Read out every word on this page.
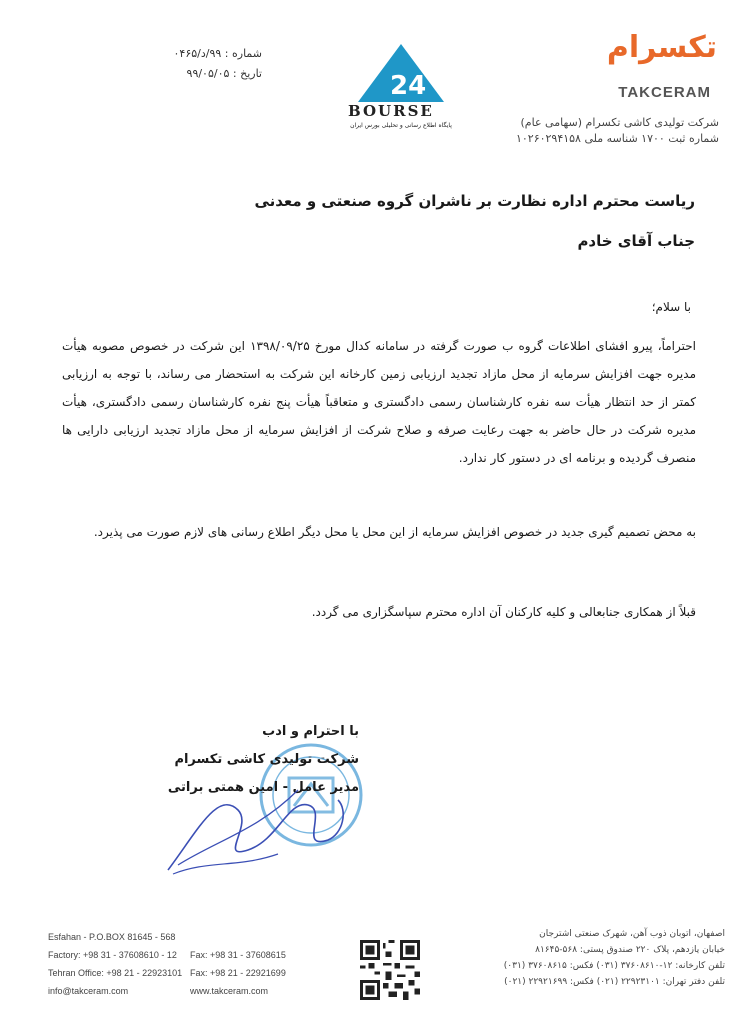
شماره : ۹۹/د/۰۴۶۵
تاریخ : ۹۹/۰۵/۰۵	24
BOURSE
پایگاه اطلاع رسانی و تحلیلی بورس ایران
تکسرام
TAKCERAM
شرکت تولیدی کاشی تکسرام (سهامی عام)
شماره ثبت ۱۷۰۰ شناسه ملی ۱۰۲۶۰۲۹۴۱۵۸
ریاست محترم اداره نظارت بر ناشران گروه صنعتی و معدنی
جناب آقای خادم
با سلام؛
احتراماً، پیرو افشای اطلاعات گروه ب صورت گرفته در سامانه کدال مورخ ۱۳۹۸/۰۹/۲۵ این شرکت در خصوص مصوبه هیأت مدیره جهت افزایش سرمایه از محل مازاد تجدید ارزیابی زمین کارخانه این شرکت به استحضار می رساند، با توجه به ارزیابی کمتر از حد انتظار هیأت سه نفره کارشناسان رسمی دادگستری و متعاقباً هیأت پنج نفره کارشناسان رسمی دادگستری، هیأت مدیره شرکت در حال حاضر به جهت رعایت صرفه و صلاح شرکت از افزایش سرمایه از محل مازاد تجدید ارزیابی دارایی ها منصرف گردیده و برنامه ای در دستور کار ندارد.
به محض تصمیم گیری جدید در خصوص افزایش سرمایه از این محل یا محل دیگر اطلاع رسانی های لازم صورت می پذیرد.
قبلاً از همکاری جنابعالی و کلیه کارکنان آن اداره محترم سپاسگزاری می گردد.
با احترام و ادب
شرکت تولیدی کاشی تکسرام
مدیر عامل - امین همتی براتی
Esfahan - P.O.BOX 81645 - 568
Factory: +98 31 - 37608610 - 12 Fax: +98 31 - 37608615
Tehran Office: +98 21 - 22923101 Fax: +98 21 - 22921699
info@takceram.com	www.takceram.com
اصفهان، اتوبان ذوب آهن، شهرک صنعتی اشترجان
خیابان یازدهم، پلاک ۲۲۰ صندوق پستی: ۵۶۸-۸۱۶۴۵
تلفن کارخانه: ۱۲-۳۷۶۰۸۶۱۰ (۰۳۱) فکس: ۳۷۶۰۸۶۱۵ (۰۳۱)
تلفن دفتر تهران: ۲۲۹۲۳۱۰۱ (۰۲۱) فکس: ۲۲۹۲۱۶۹۹ (۰۲۱)
